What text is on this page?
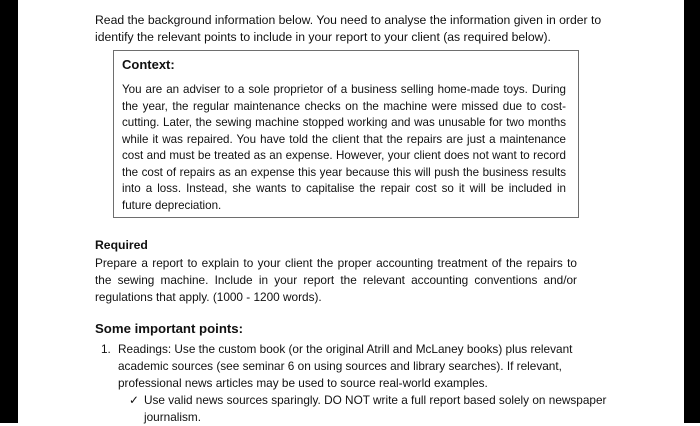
Read the background information below. You need to analyse the information given in order to identify the relevant points to include in your report to your client (as required below).

Context:

You are an adviser to a sole proprietor of a business selling home-made toys. During the year, the regular maintenance checks on the machine were missed due to cost-cutting. Later, the sewing machine stopped working and was unusable for two months while it was repaired. You have told the client that the repairs are just a maintenance cost and must be treated as an expense. However, your client does not want to record the cost of repairs as an expense this year because this will push the business results into a loss. Instead, she wants to capitalise the repair cost so it will be included in future depreciation.

Required

Prepare a report to explain to your client the proper accounting treatment of the repairs to the sewing machine. Include in your report the relevant accounting conventions and/or regulations that apply. (1000 - 1200 words).

Some important points:

1. Readings: Use the custom book (or the original Atrill and McLaney books) plus relevant academic sources (see seminar 6 on using sources and library searches). If relevant, professional news articles may be used to source real-world examples.
✓ Use valid news sources sparingly. DO NOT write a full report based solely on newspaper journalism.
